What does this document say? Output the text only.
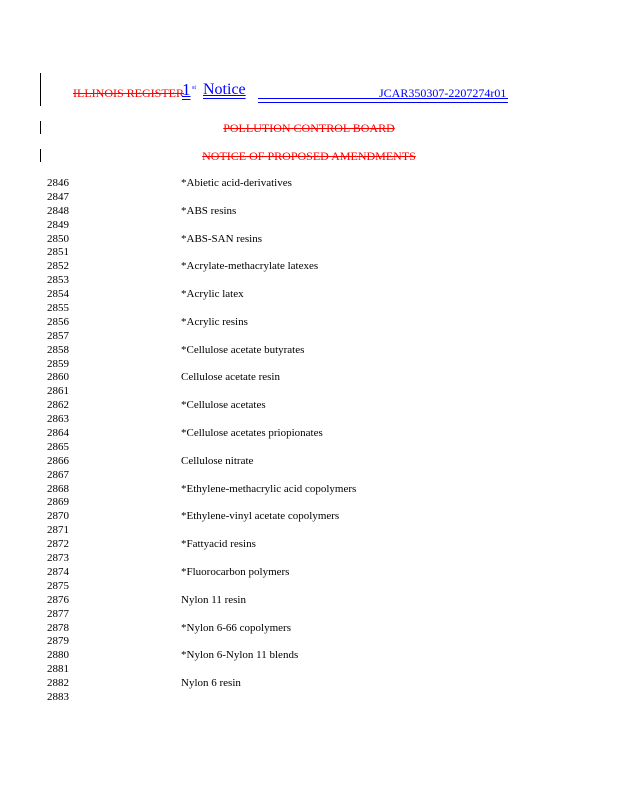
ILLINOIS REGISTER
1 st Notice	JCAR350307-2207274r01
POLLUTION CONTROL BOARD
NOTICE OF PROPOSED AMENDMENTS
2846	*Abietic acid-derivatives
2847
2848	*ABS resins
2849
2850	*ABS-SAN resins
2851
2852	*Acrylate-methacrylate latexes
2853
2854	*Acrylic latex
2855
2856	*Acrylic resins
2857
2858	*Cellulose acetate butyrates
2859
2860	Cellulose acetate resin
2861
2862	*Cellulose acetates
2863
2864	*Cellulose acetates priopionates
2865
2866	Cellulose nitrate
2867
2868	*Ethylene-methacrylic acid copolymers
2869
2870	*Ethylene-vinyl acetate copolymers
2871
2872	*Fattyacid resins
2873
2874	*Fluorocarbon polymers
2875
2876	Nylon 11 resin
2877
2878	*Nylon 6-66 copolymers
2879
2880	*Nylon 6-Nylon 11 blends
2881
2882	Nylon 6 resin
2883
